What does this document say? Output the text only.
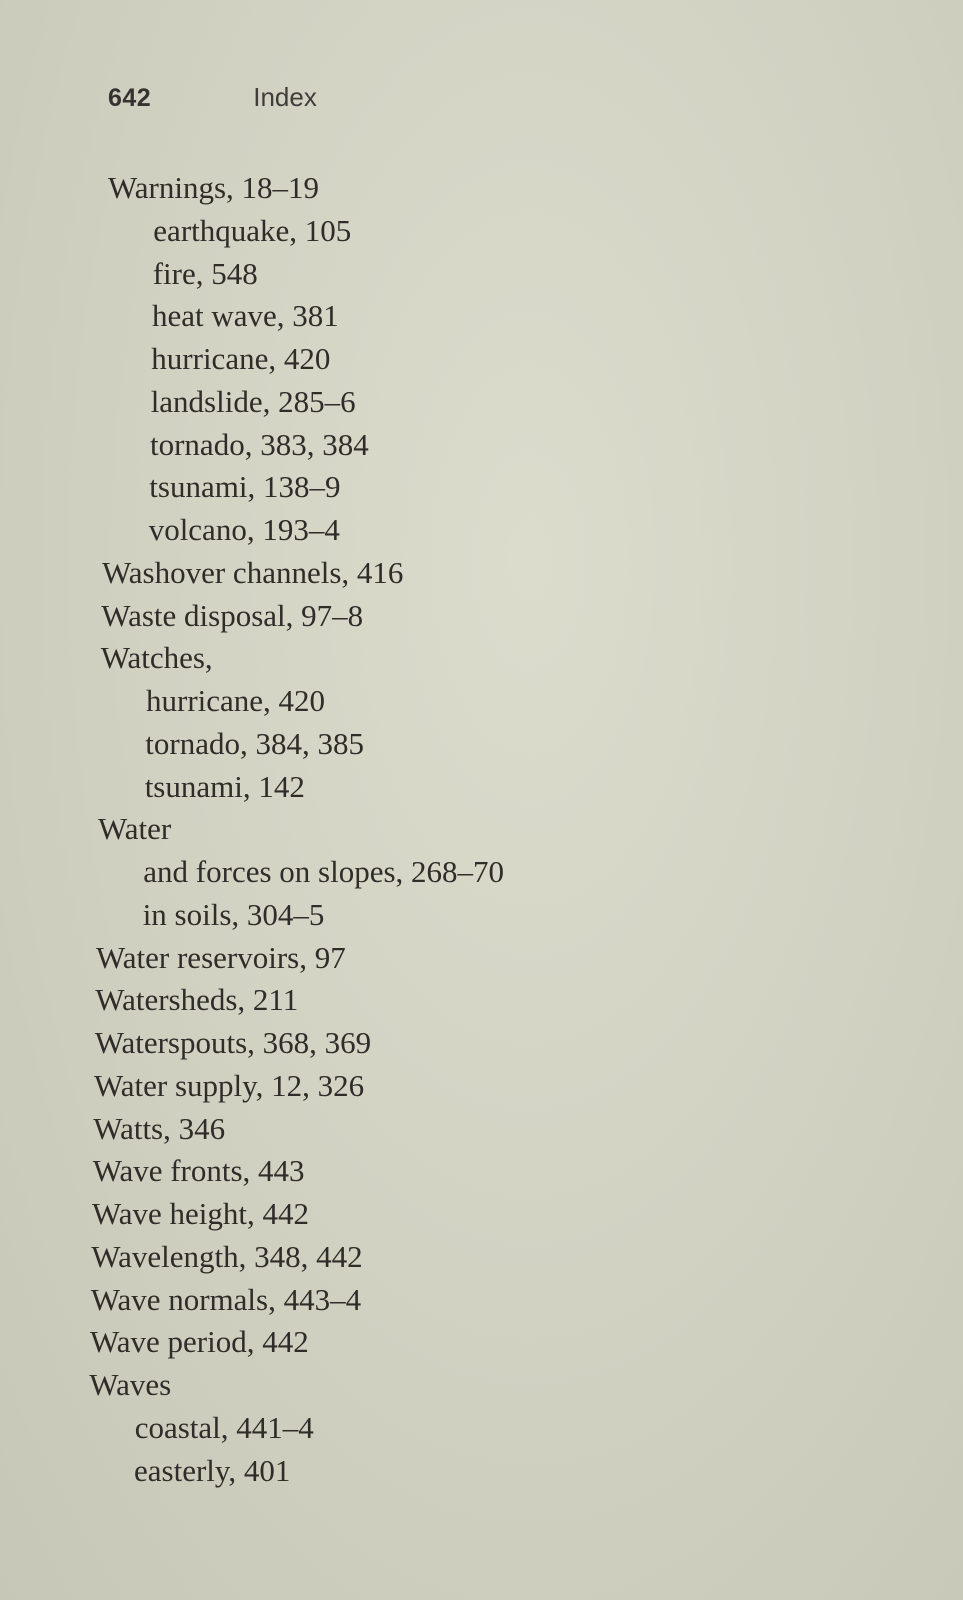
642	Index
Warnings, 18–19
earthquake, 105
fire, 548
heat wave, 381
hurricane, 420
landslide, 285–6
tornado, 383, 384
tsunami, 138–9
volcano, 193–4
Washover channels, 416
Waste disposal, 97–8
Watches,
hurricane, 420
tornado, 384, 385
tsunami, 142
Water
and forces on slopes, 268–70
in soils, 304–5
Water reservoirs, 97
Watersheds, 211
Waterspouts, 368, 369
Water supply, 12, 326
Watts, 346
Wave fronts, 443
Wave height, 442
Wavelength, 348, 442
Wave normals, 443–4
Wave period, 442
Waves
coastal, 441–4
easterly, 401
